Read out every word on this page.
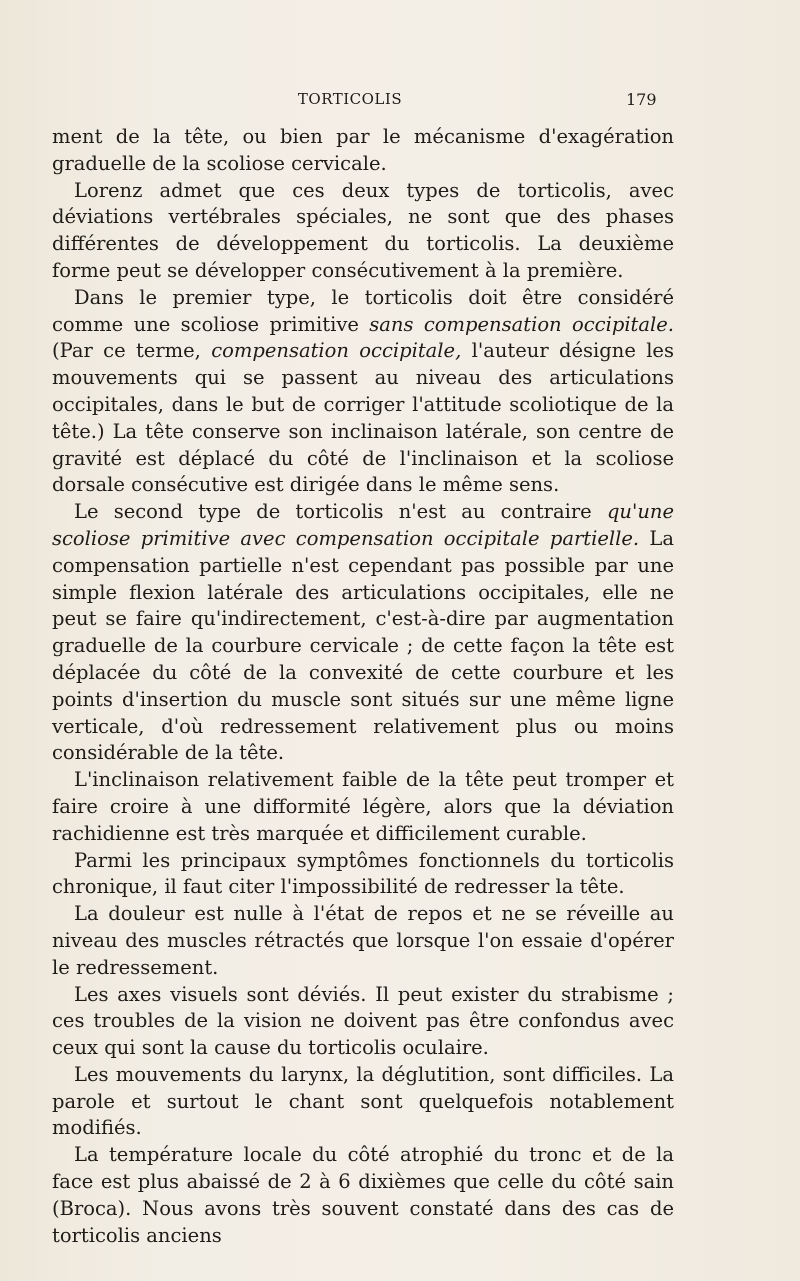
TORTICOLIS	179

ment de la tête, ou bien par le mécanisme d'exagération graduelle de la scoliose cervicale.

Lorenz admet que ces deux types de torticolis, avec déviations vertébrales spéciales, ne sont que des phases différentes de développement du torticolis. La deuxième forme peut se développer consécutivement à la première.

Dans le premier type, le torticolis doit être considéré comme une scoliose primitive sans compensation occipitale. (Par ce terme, compensation occipitale, l'auteur désigne les mouvements qui se passent au niveau des articulations occipitales, dans le but de corriger l'attitude scoliotique de la tête.) La tête conserve son inclinaison latérale, son centre de gravité est déplacé du côté de l'inclinaison et la scoliose dorsale consécutive est dirigée dans le même sens.

Le second type de torticolis n'est au contraire qu'une scoliose primitive avec compensation occipitale partielle. La compensation partielle n'est cependant pas possible par une simple flexion latérale des articulations occipitales, elle ne peut se faire qu'indirectement, c'est-à-dire par augmentation graduelle de la courbure cervicale ; de cette façon la tête est déplacée du côté de la convexité de cette courbure et les points d'insertion du muscle sont situés sur une même ligne verticale, d'où redressement relativement plus ou moins considérable de la tête.

L'inclinaison relativement faible de la tête peut tromper et faire croire à une difformité légère, alors que la déviation rachidienne est très marquée et difficilement curable.

Parmi les principaux symptômes fonctionnels du torticolis chronique, il faut citer l'impossibilité de redresser la tête.

La douleur est nulle à l'état de repos et ne se réveille au niveau des muscles rétractés que lorsque l'on essaie d'opérer le redressement.

Les axes visuels sont déviés. Il peut exister du strabisme ; ces troubles de la vision ne doivent pas être confondus avec ceux qui sont la cause du torticolis oculaire.

Les mouvements du larynx, la déglutition, sont difficiles. La parole et surtout le chant sont quelquefois notablement modifiés.

La température locale du côté atrophié du tronc et de la face est plus abaissé de 2 à 6 dixièmes que celle du côté sain (Broca). Nous avons très souvent constaté dans des cas de torticolis anciens
